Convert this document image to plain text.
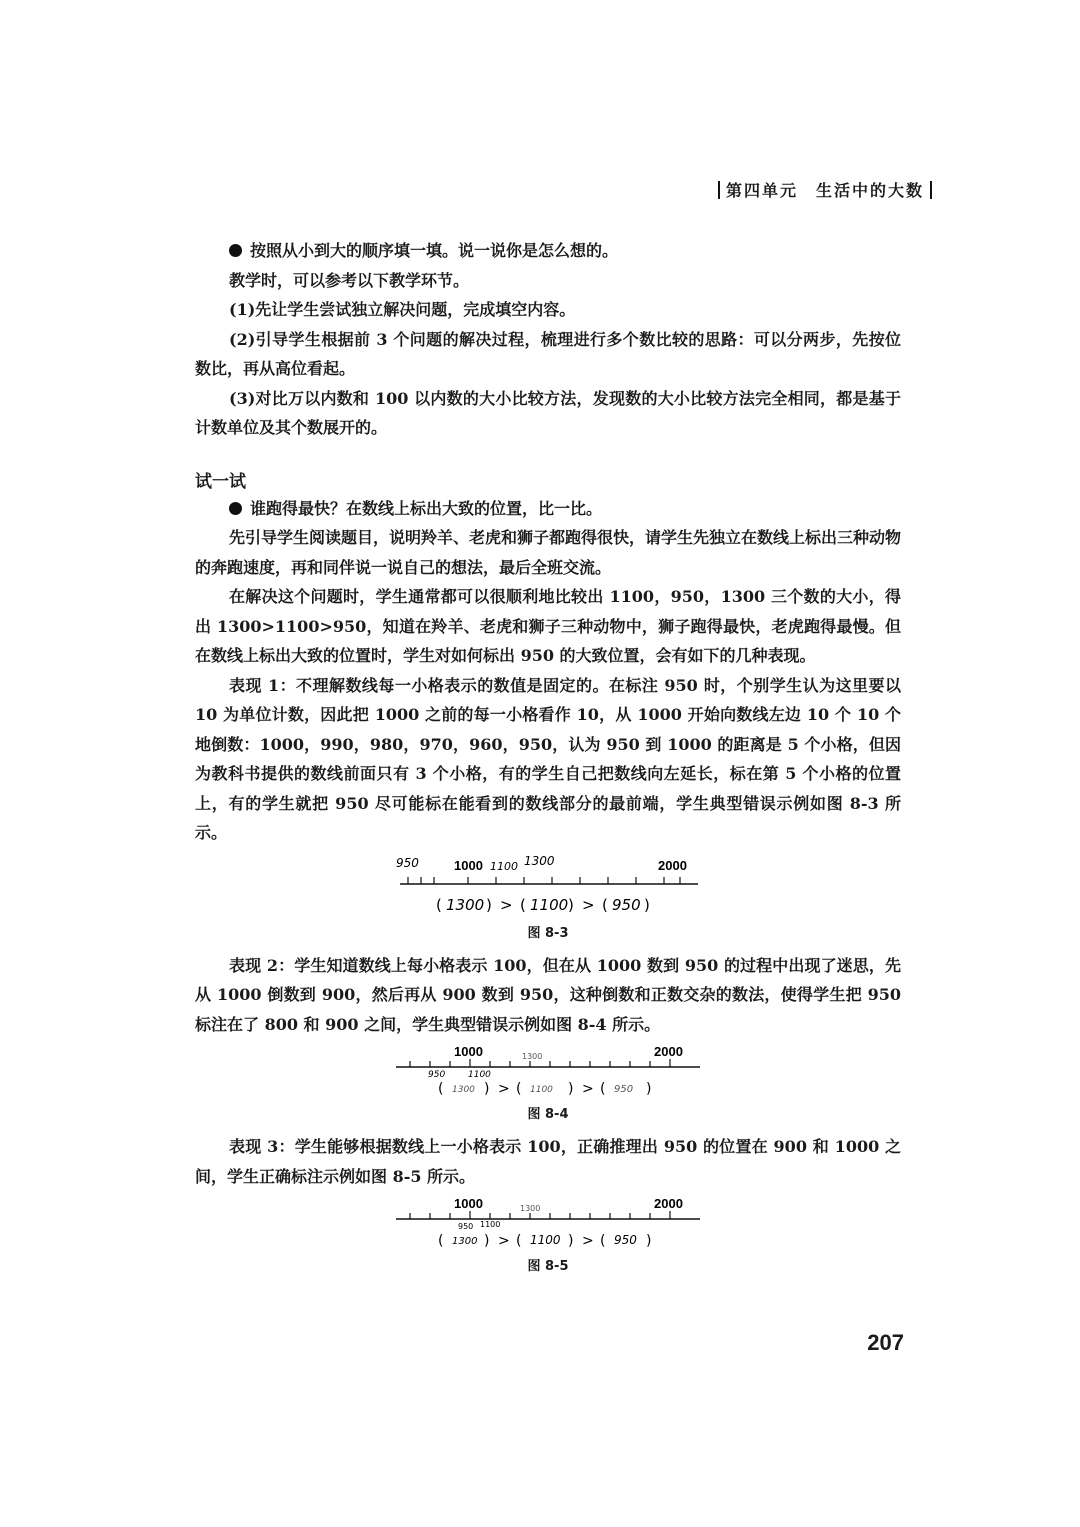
第四单元 生活中的大数

按照从小到大的顺序填一填。说一说你是怎么想的。

教学时，可以参考以下教学环节。

(1)先让学生尝试独立解决问题，完成填空内容。

(2)引导学生根据前 3 个问题的解决过程，梳理进行多个数比较的思路：可以分两步，先按位数比，再从高位看起。

(3)对比万以内数和 100 以内数的大小比较方法，发现数的大小比较方法完全相同，都是基于计数单位及其个数展开的。

试一试

谁跑得最快？在数线上标出大致的位置，比一比。

先引导学生阅读题目，说明羚羊、老虎和狮子都跑得很快，请学生先独立在数线上标出三种动物的奔跑速度，再和同伴说一说自己的想法，最后全班交流。

在解决这个问题时，学生通常都可以很顺利地比较出 1100，950，1300 三个数的大小，得出 1300>1100>950，知道在羚羊、老虎和狮子三种动物中，狮子跑得最快，老虎跑得最慢。但在数线上标出大致的位置时，学生对如何标出 950 的大致位置，会有如下的几种表现。

表现 1：不理解数线每一小格表示的数值是固定的。在标注 950 时，个别学生认为这里要以 10 为单位计数，因此把 1000 之前的每一小格看作 10，从 1000 开始向数线左边 10 个 10 个地倒数：1000，990，980，970，960，950，认为 950 到 1000 的距离是 5 个小格，但因为教科书提供的数线前面只有 3 个小格，有的学生自己把数线向左延长，标在第 5 个小格的位置上，有的学生就把 950 尽可能标在能看到的数线部分的最前端，学生典型错误示例如图 8-3 所示。

950	1000 1100 1300	2000
( 1300 ) > ( 1100 ) > ( 950 )
图 8-3

表现 2：学生知道数线上每小格表示 100，但在从 1000 数到 950 的过程中出现了迷思，先从 1000 倒数到 900，然后再从 900 数到 950，这种倒数和正数交杂的数法，使得学生把 950 标注在了 800 和 900 之间，学生典型错误示例如图 8-4 所示。

1000	1300	2000
950	1100
( 1300 ) > ( 1100 ) > ( 950 )
图 8-4

表现 3：学生能够根据数线上一小格表示 100，正确推理出 950 的位置在 900 和 1000 之间，学生正确标注示例如图 8-5 所示。

1000	1300	2000
950 1100
( 1300 ) > ( 1100 ) > ( 950 )
图 8-5
207
